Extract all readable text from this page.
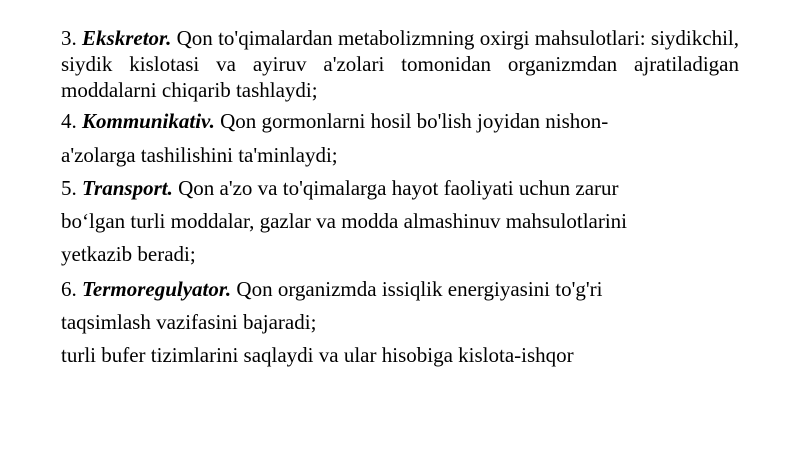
3. Ekskretor. Qon to'qimalardan metabolizmning oxirgi mahsulotlari: siydikchil, siydik kislotasi va ayiruv a'zolari tomonidan organizmdan ajratiladigan moddalarni chiqarib tashlaydi;

4. Kommunikativ. Qon gormonlarni hosil bo'lish joyidan nishon-

a'zolarga tashilishini ta'minlaydi;

5. Transport. Qon a'zo va to'qimalarga hayot faoliyati uchun zarur

bo‘lgan turli moddalar, gazlar va modda almashinuv mahsulotlarini

yetkazib beradi;

6. Termoregulyator. Qon organizmda issiqlik energiyasini to'g'ri

taqsimlash vazifasini bajaradi;

turli bufer tizimlarini saqlaydi va ular hisobiga kislota-ishqor
